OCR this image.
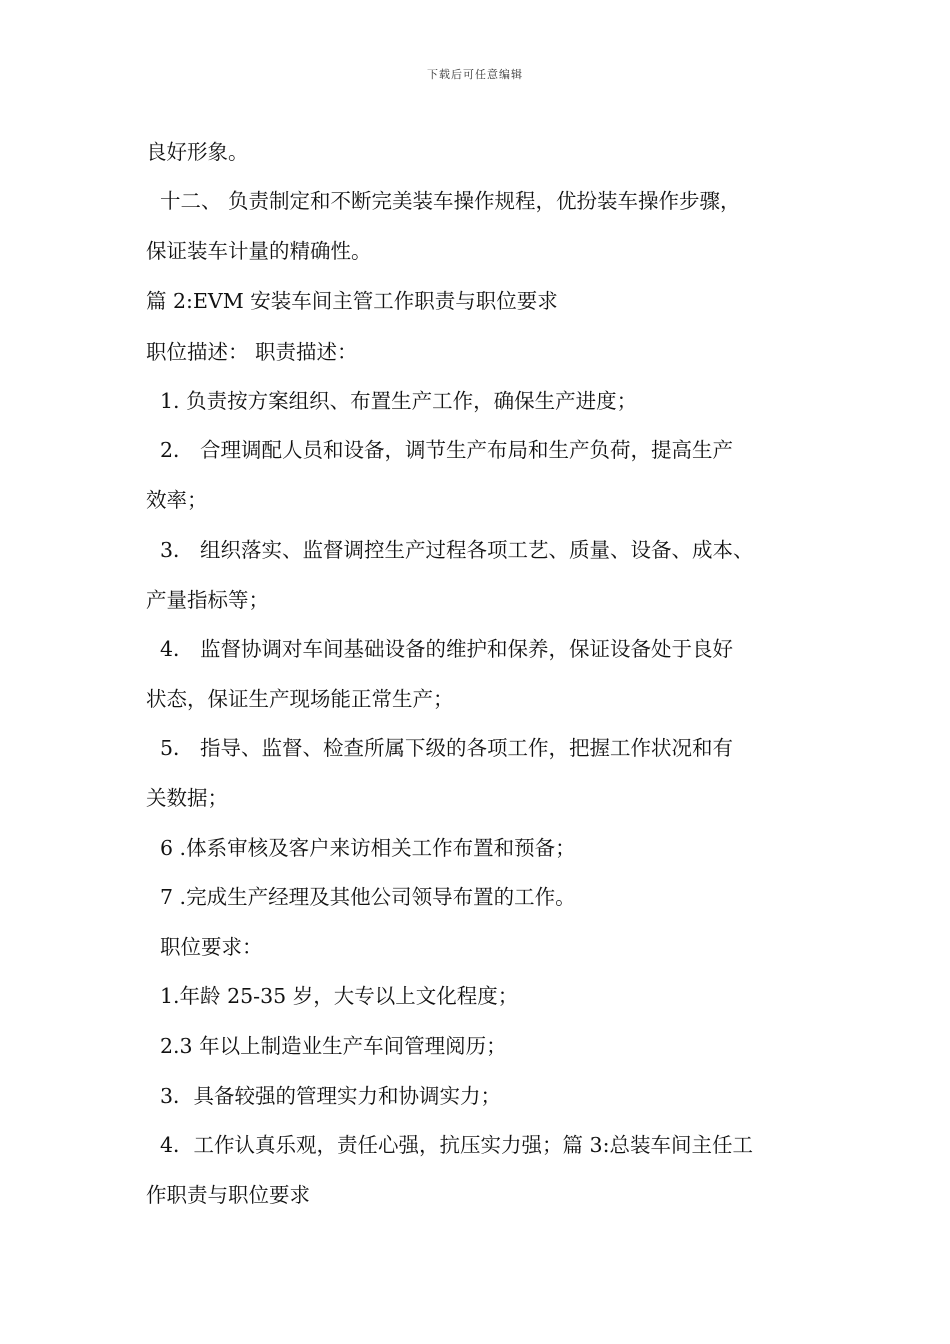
下载后可任意编辑
良好形象。
十二、 负责制定和不断完美装车操作规程，优扮装车操作步骤，
保证装车计量的精确性。
篇 2:EVM 安装车间主管工作职责与职位要求
职位描述： 职责描述：
1. 负责按方案组织、布置生产工作，确保生产进度；
2． 合理调配人员和设备，调节生产布局和生产负荷，提高生产
效率；
3． 组织落实、监督调控生产过程各项工艺、质量、设备、成本、
产量指标等；
4． 监督协调对车间基础设备的维护和保养，保证设备处于良好
状态，保证生产现场能正常生产；
5． 指导、监督、检查所属下级的各项工作，把握工作状况和有
关数据；
6 .体系审核及客户来访相关工作布置和预备；
7 .完成生产经理及其他公司领导布置的工作。
职位要求：
1.年龄 25-35 岁，大专以上文化程度；
2.3 年以上制造业生产车间管理阅历；
3．具备较强的管理实力和协调实力；
4．工作认真乐观，责任心强，抗压实力强；篇 3:总装车间主任工
作职责与职位要求
